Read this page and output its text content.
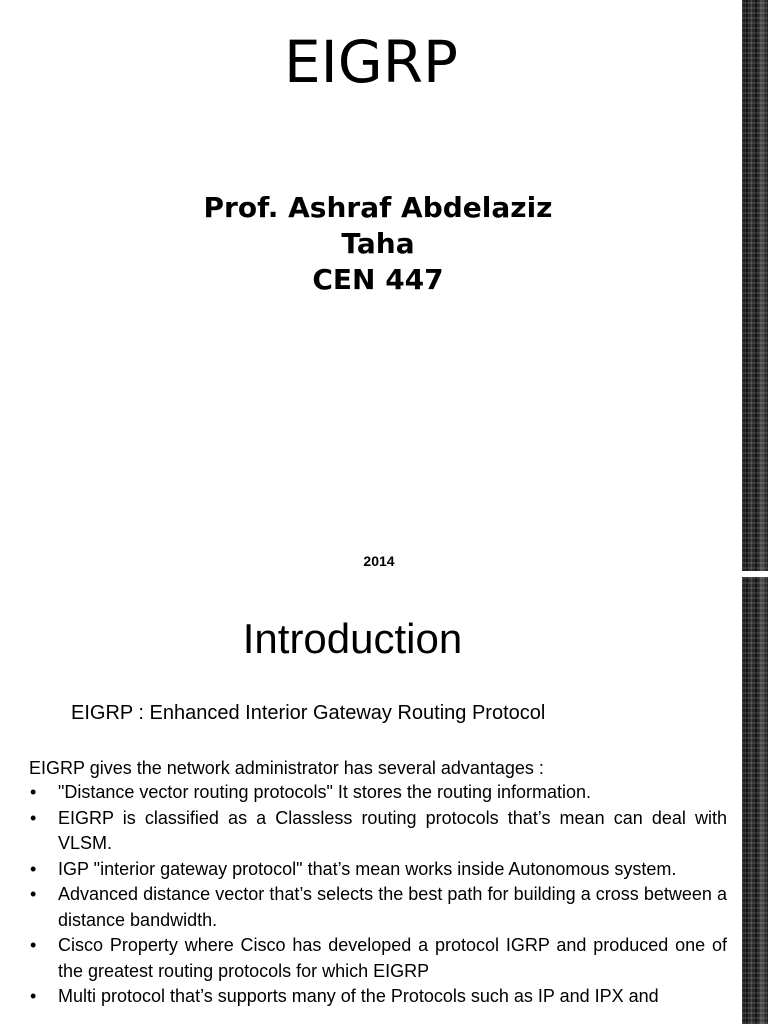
EIGRP
Prof. Ashraf Abdelaziz
Taha
CEN 447
2014
Introduction
EIGRP : Enhanced Interior Gateway Routing Protocol
EIGRP gives the network administrator has several advantages :
• "Distance vector routing protocols" It stores the routing information.
• EIGRP is classified as a Classless routing protocols that’s mean can deal with VLSM.
• IGP "interior gateway protocol" that’s mean works inside Autonomous system.
• Advanced distance vector that’s selects the best path for building a cross between a distance bandwidth.
• Cisco Property where Cisco has developed a protocol IGRP and produced one of the greatest routing protocols for which EIGRP
• Multi protocol that’s supports many of the Protocols such as IP and IPX and
